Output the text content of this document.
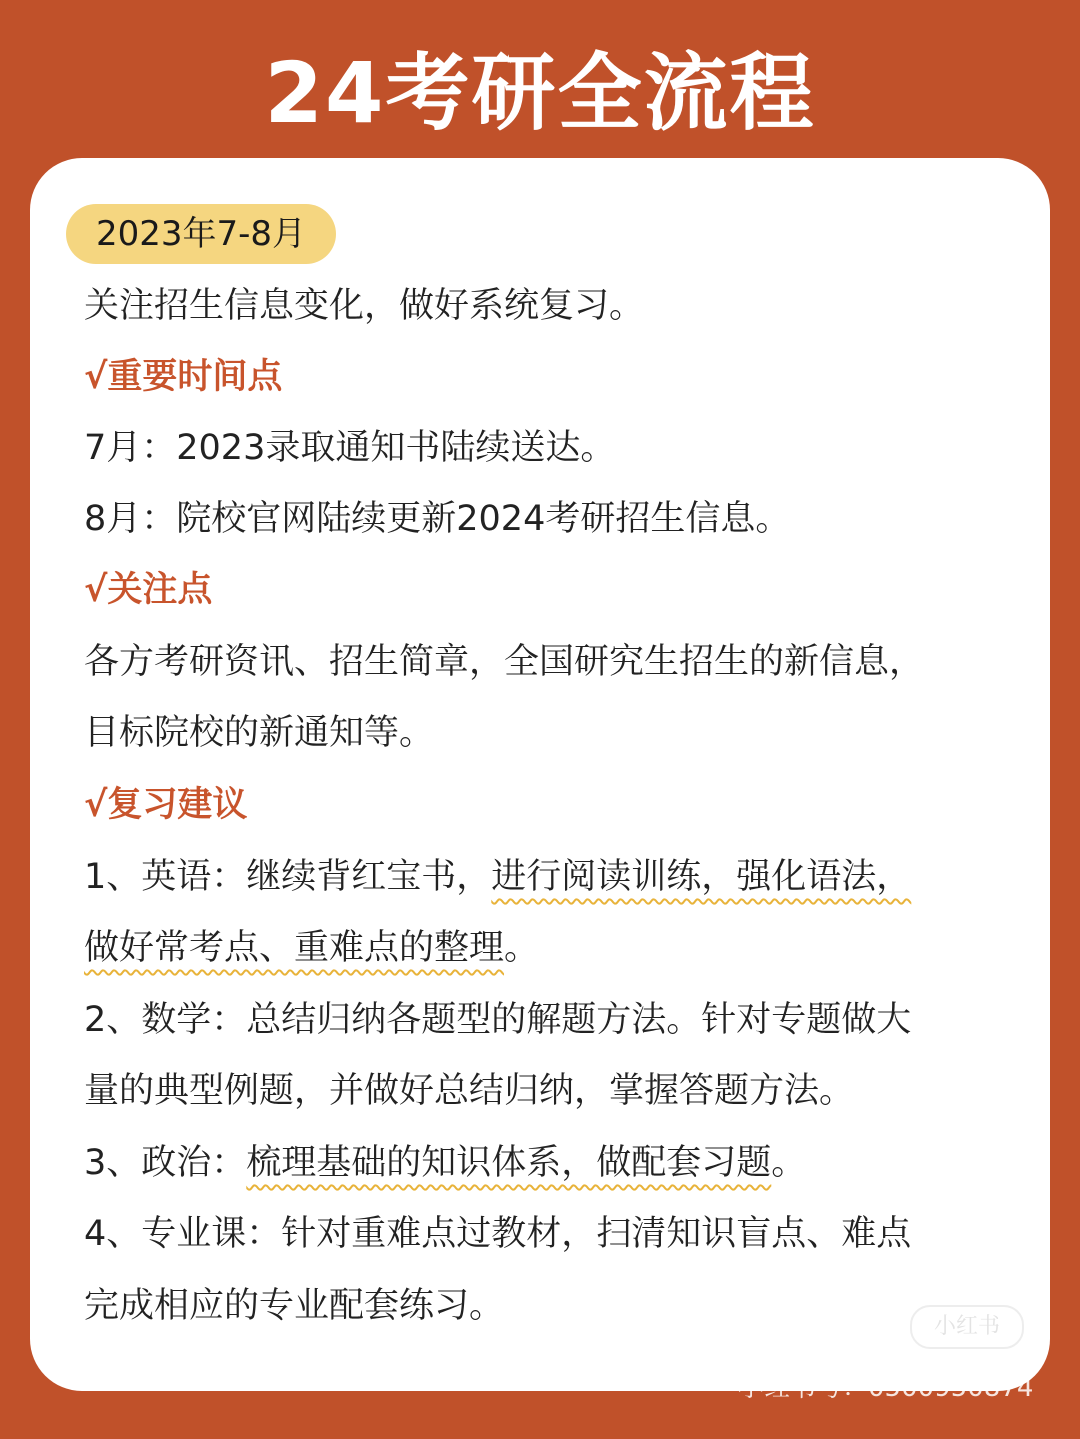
24考研全流程
2023年7-8月
关注招生信息变化，做好系统复习。
√重要时间点
7月：2023录取通知书陆续送达。
8月：院校官网陆续更新2024考研招生信息。
√关注点
各方考研资讯、招生简章，全国研究生招生的新信息，
目标院校的新通知等。
√复习建议
1、英语：继续背红宝书，进行阅读训练，强化语法，
做好常考点、重难点的整理。
2、数学：总结归纳各题型的解题方法。针对专题做大
量的典型例题，并做好总结归纳，掌握答题方法。
3、政治：梳理基础的知识体系，做配套习题。
4、专业课：针对重难点过教材，扫清知识盲点、难点
完成相应的专业配套练习。
小红书
小红书号：0500950874
